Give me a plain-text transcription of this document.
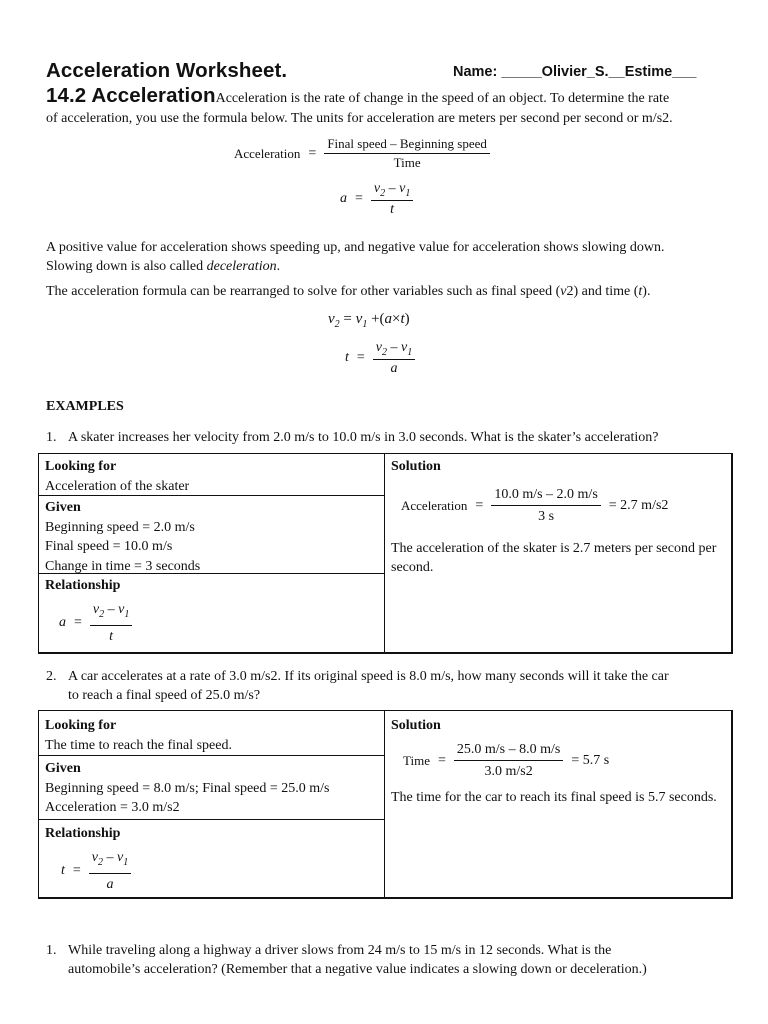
Acceleration Worksheet.	Name: _____Olivier_S.__Estime___
14.2 AccelerationAcceleration is the rate of change in the speed of an object. To determine the rate
of acceleration, you use the formula below. The units for acceleration are meters per second per second or m/s2.
Acceleration = $\frac{\text{Final speed – Beginning speed}}{\text{Time}}$
$a = \frac{v_2 - v_1}{t}$
A positive value for acceleration shows speeding up, and negative value for acceleration shows slowing down.
Slowing down is also called deceleration.
The acceleration formula can be rearranged to solve for other variables such as final speed (v2) and time (t).
$v_2 = v_1 +(a\times t)$
$t = \frac{v_2 - v_1}{a}$
EXAMPLES
1. A skater increases her velocity from 2.0 m/s to 10.0 m/s in 3.0 seconds. What is the skater’s acceleration?
Looking for
Acceleration of the skater
Given
Beginning speed = 2.0 m/s
Final speed = 10.0 m/s
Change in time = 3 seconds
Relationship
$a = \frac{v_2 - v_1}{t}$
Solution
Acceleration = $\frac{10.0 m/s - 2.0 m/s}{3 s} = 2.7$ m/s2
The acceleration of the skater is 2.7 meters per second per second.
2. A car accelerates at a rate of 3.0 m/s2. If its original speed is 8.0 m/s, how many seconds will it take the car
to reach a final speed of 25.0 m/s?
Looking for
The time to reach the final speed.
Given
Beginning speed = 8.0 m/s; Final speed = 25.0 m/s
Acceleration = 3.0 m/s2
Relationship
$t = \frac{v_2 - v_1}{a}$
Solution
Time = $\frac{25.0 m/s - 8.0 m/s}{3.0 m/s2} = 5.7$ s
The time for the car to reach its final speed is 5.7 seconds.
1. While traveling along a highway a driver slows from 24 m/s to 15 m/s in 12 seconds. What is the
automobile’s acceleration? (Remember that a negative value indicates a slowing down or deceleration.)
